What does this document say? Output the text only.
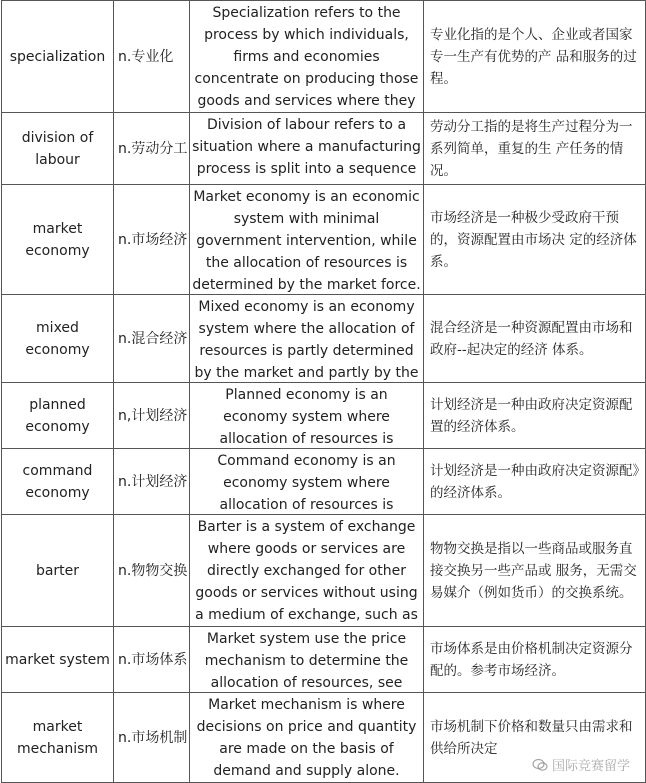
specialization	n.专业化	Specialization refers to the process by which individuals, firms and economies concentrate on producing those goods and services where they	专业化指的是个人、企业或者国家专一生产有优势的产 品和服务的过程。

division of labour	n.劳动分工	Division of labour refers to a situation where a manufacturing process is split into a sequence	劳动分工指的是将生产过程分为一系列简单，重复的生 产任务的情况。

market economy	n.市场经济	Market economy is an economic system with minimal government intervention, while the allocation of resources is determined by the market force.	市场经济是一种极少受政府干预的，资源配置由市场决 定的经济体系。

mixed economy	n.混合经济	Mixed economy is an economy system where the allocation of resources is partly determined by the market and partly by the	混合经济是一种资源配置由市场和政府--起决定的经济 体系。

planned economy	n,计划经济	Planned economy is an economy system where allocation of resources is	计划经济是一种由政府决定资源配置的经济体系。

command economy	n.计划经济	Command economy is an economy system where allocation of resources is	计划经济是一种由政府决定资源配》的经济体系。

barter	n.物物交换	Barter is a system of exchange where goods or services are directly exchanged for other goods or services without using a medium of exchange, such as	物物交换是指以一些商品或服务直接交换另一些产品或 服务，无需交易媒介（例如货币）的交换系统。

market system	n.市场体系	Market system use the price mechanism to determine the allocation of resources, see	市场体系是由价格机制决定资源分配的。参考市场经济。

market mechanism	n.市场机制	Market mechanism is where decisions on price and quantity are made on the basis of demand and supply alone.	市场机制下价格和数量只由需求和供给所决定
国际竞赛留学
